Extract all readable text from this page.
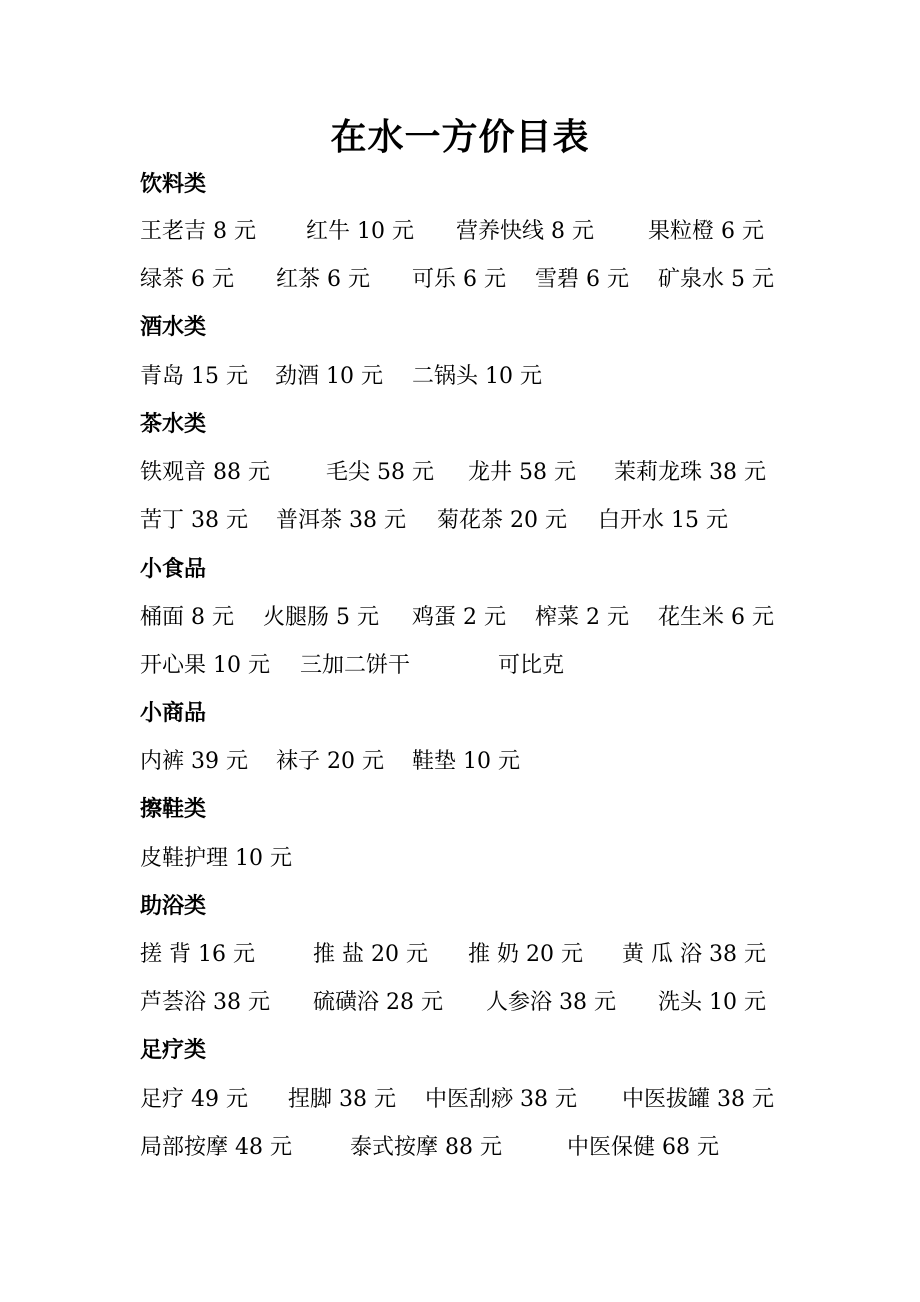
在水一方价目表
饮料类
王老吉 8 元 红牛 10 元 营养快线 8 元 果粒橙 6 元
绿茶 6 元 红茶 6 元 可乐 6 元 雪碧 6 元 矿泉水 5 元
酒水类
青岛 15 元 劲酒 10 元 二锅头 10 元
茶水类
铁观音 88 元	毛尖 58 元 龙井 58 元 茉莉龙珠 38 元
苦丁 38 元 普洱茶 38 元 菊花茶 20 元 白开水 15 元
小食品
桶面 8 元 火腿肠 5 元 鸡蛋 2 元 榨菜 2 元 花生米 6 元
开心果 10 元 三加二饼干	可比克
小商品
内裤 39 元 袜子 20 元 鞋垫 10 元
擦鞋类
皮鞋护理 10 元
助浴类
搓 背 16 元	推 盐 20 元 推 奶 20 元 黄 瓜 浴 38 元
芦荟浴 38 元 硫磺浴 28 元 人参浴 38 元 洗头 10 元
足疗类
足疗 49 元 捏脚 38 元 中医刮痧 38 元 中医拔罐 38 元
局部按摩 48 元	泰式按摩 88 元	中医保健 68 元
